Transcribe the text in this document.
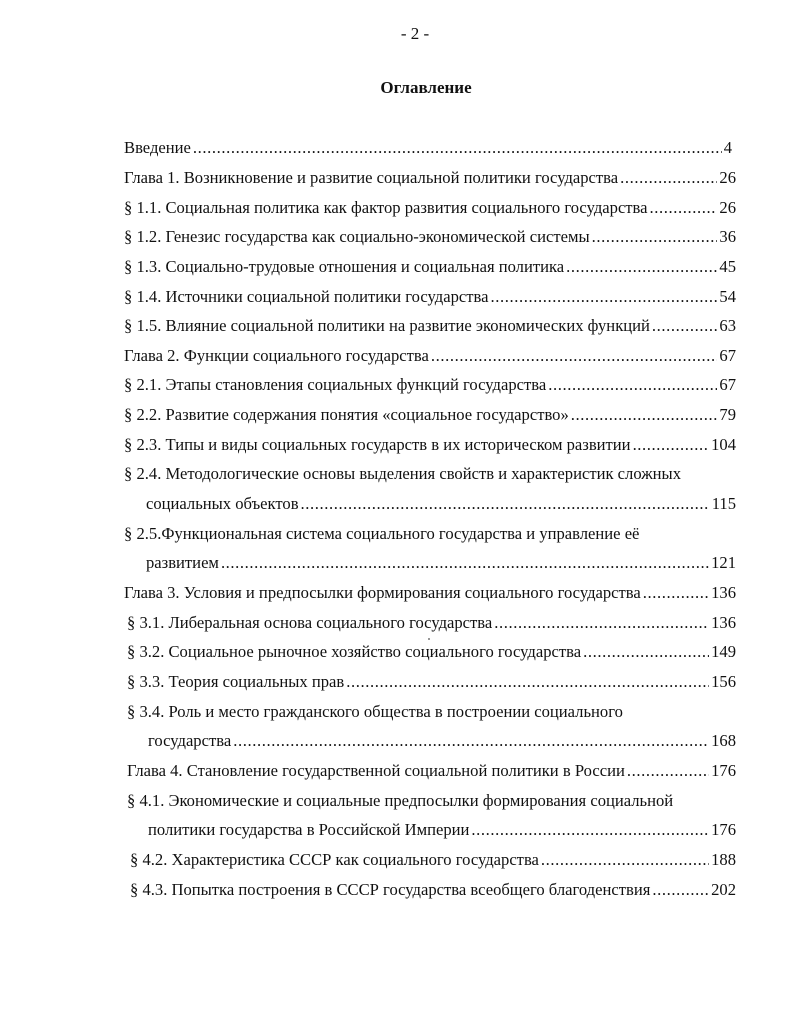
- 2 -
Оглавление
Введение .....	4
Глава 1. Возникновение и развитие социальной политики государства .....	26
§ 1.1. Социальная политика как фактор развития социального государства .....	26
§ 1.2. Генезис государства как социально-экономической системы .....	36
§ 1.3. Социально-трудовые отношения и социальная политика .....	45
§ 1.4. Источники социальной политики государства .....	54
§ 1.5. Влияние социальной политики на развитие экономических функций .....	63
Глава 2. Функции социального государства .....	67
§ 2.1. Этапы становления социальных функций государства .....	67
§ 2.2. Развитие содержания понятия «социальное государство» .....	79
§ 2.3. Типы и виды социальных государств в их историческом развитии .....	104
§ 2.4. Методологические основы выделения свойств и характеристик сложных
социальных объектов .....	115
§ 2.5.Функциональная система социального государства и управление её
развитием .....	121
Глава 3. Условия и предпосылки формирования социального государства .....	136
§ 3.1. Либеральная основа социального государства .....	136
§ 3.2. Социальное рыночное хозяйство социального государства .....	149
§ 3.3. Теория социальных прав .....	156
§ 3.4. Роль и место гражданского общества в построении социального
государства .....	168
Глава 4. Становление государственной социальной политики в России .....	176
§ 4.1. Экономические и социальные предпосылки формирования социальной
политики государства в Российской Империи .....	176
§ 4.2. Характеристика СССР как социального государства .....	188
§ 4.3. Попытка построения в СССР государства всеобщего благоденствия .....	202
